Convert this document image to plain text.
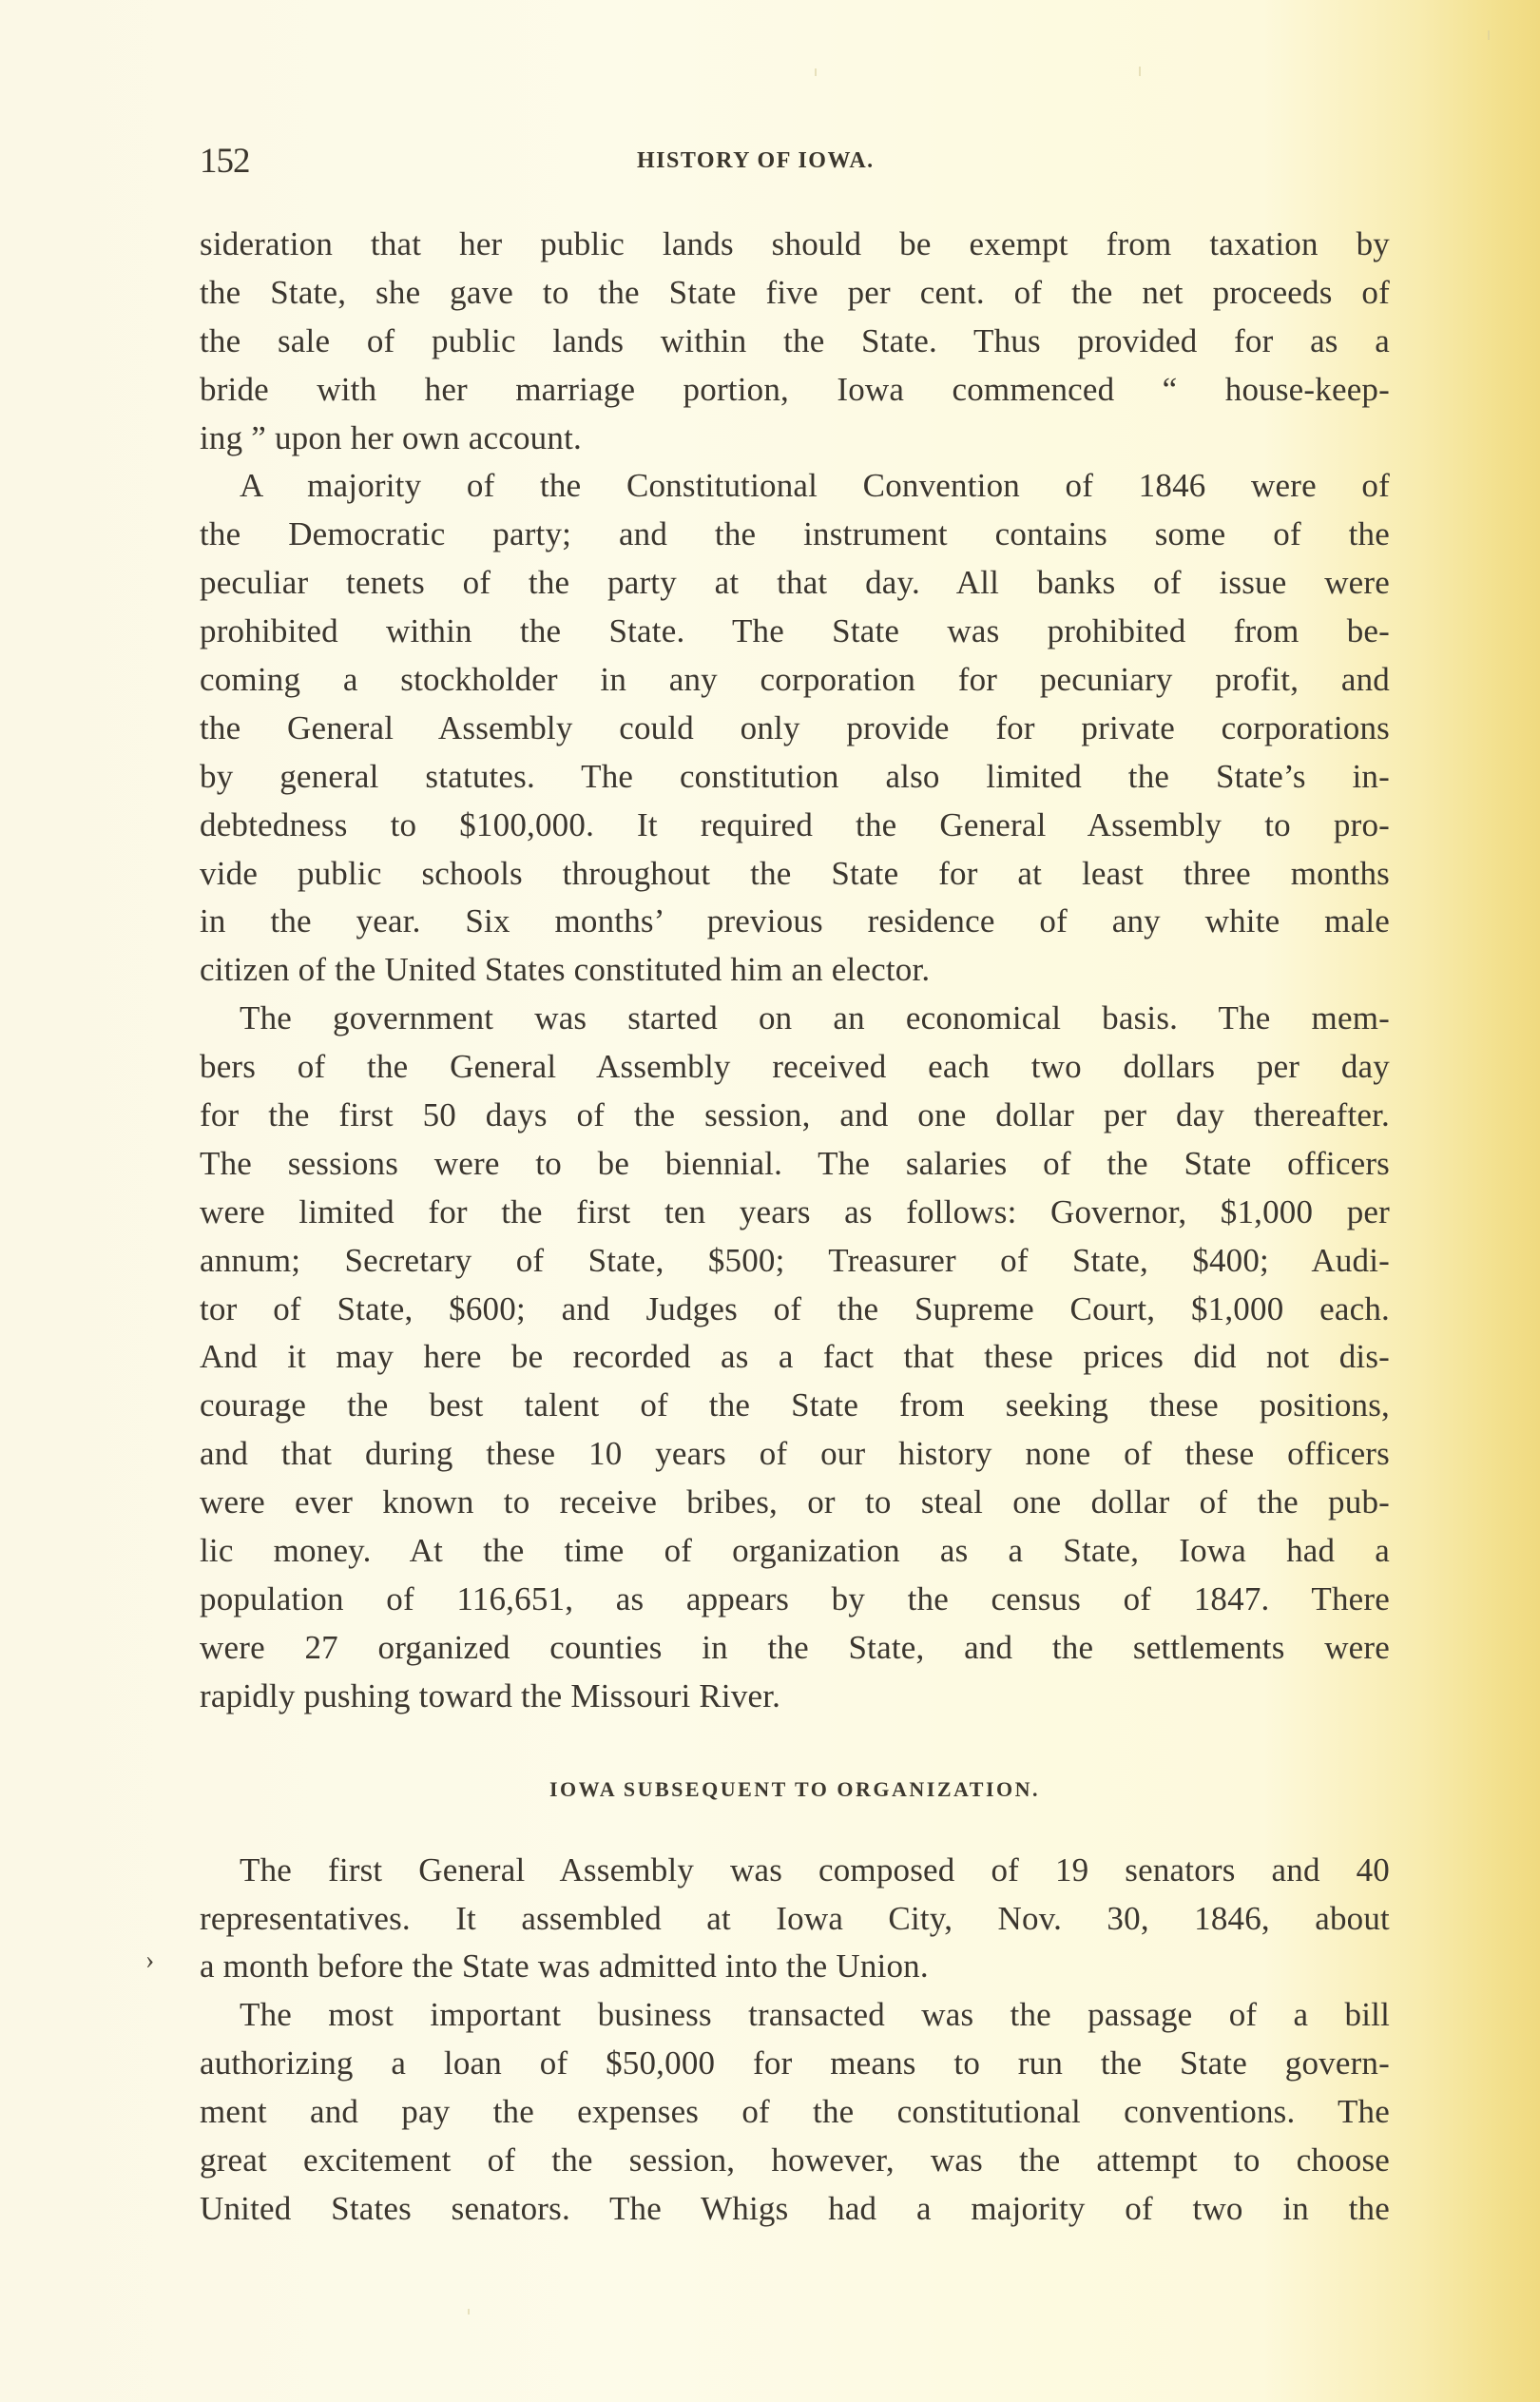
152	HISTORY OF IOWA.
›
sideration that her public lands should be exempt from taxation by
the State, she gave to the State five per cent. of the net proceeds of
the sale of public lands within the State. Thus provided for as a
bride with her marriage portion, Iowa commenced “ house-keep-
ing ” upon her own account.
A majority of the Constitutional Convention of 1846 were of
the Democratic party; and the instrument contains some of the
peculiar tenets of the party at that day. All banks of issue were
prohibited within the State. The State was prohibited from be-
coming a stockholder in any corporation for pecuniary profit, and
the General Assembly could only provide for private corporations
by general statutes. The constitution also limited the State’s in-
debtedness to $100,000. It required the General Assembly to pro-
vide public schools throughout the State for at least three months
in the year. Six months’ previous residence of any white male
citizen of the United States constituted him an elector.
The government was started on an economical basis. The mem-
bers of the General Assembly received each two dollars per day
for the first 50 days of the session, and one dollar per day thereafter.
The sessions were to be biennial. The salaries of the State officers
were limited for the first ten years as follows: Governor, $1,000 per
annum; Secretary of State, $500; Treasurer of State, $400; Audi-
tor of State, $600; and Judges of the Supreme Court, $1,000 each.
And it may here be recorded as a fact that these prices did not dis-
courage the best talent of the State from seeking these positions,
and that during these 10 years of our history none of these officers
were ever known to receive bribes, or to steal one dollar of the pub-
lic money. At the time of organization as a State, Iowa had a
population of 116,651, as appears by the census of 1847. There
were 27 organized counties in the State, and the settlements were
rapidly pushing toward the Missouri River.
IOWA SUBSEQUENT TO ORGANIZATION.
The first General Assembly was composed of 19 senators and 40
representatives. It assembled at Iowa City, Nov. 30, 1846, about
a month before the State was admitted into the Union.
The most important business transacted was the passage of a bill
authorizing a loan of $50,000 for means to run the State govern-
ment and pay the expenses of the constitutional conventions. The
great excitement of the session, however, was the attempt to choose
United States senators. The Whigs had a majority of two in the
